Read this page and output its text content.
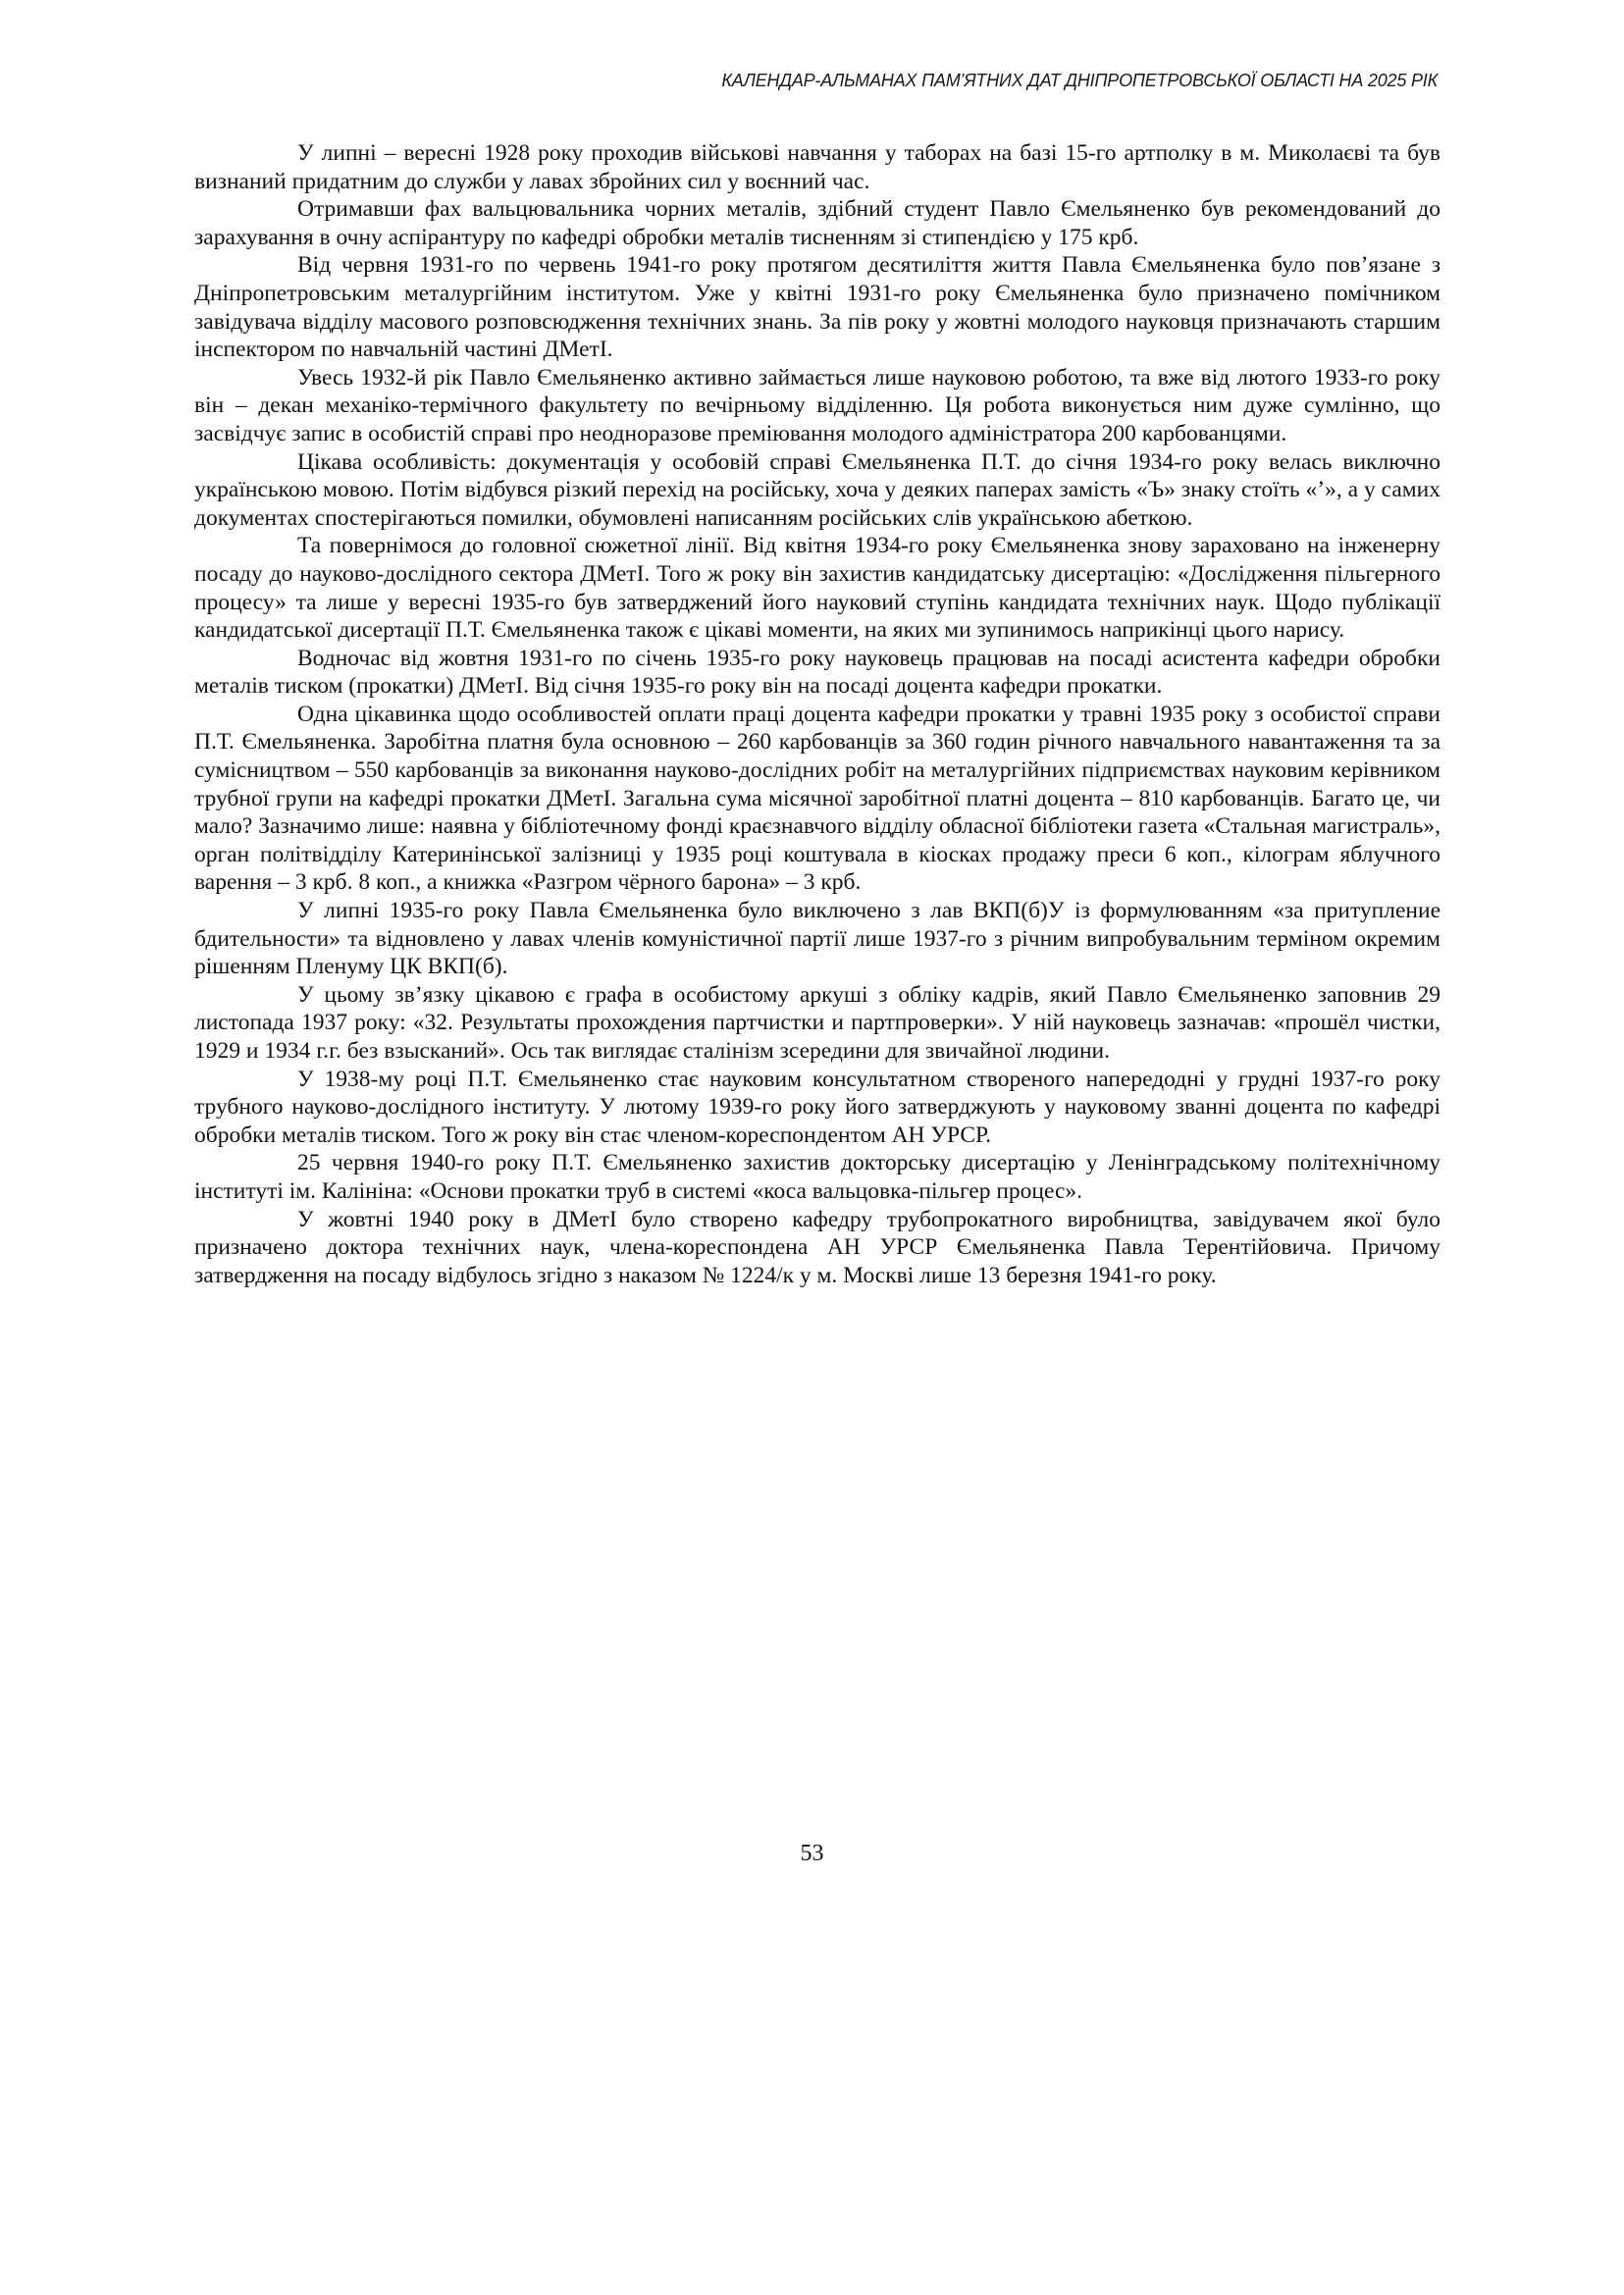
КАЛЕНДАР-АЛЬМАНАХ ПАМ’ЯТНИХ ДАТ ДНІПРОПЕТРОВСЬКОЇ ОБЛАСТІ НА 2025 РІК

У липні – вересні 1928 року проходив військові навчання у таборах на базі 15-го артполку в м. Миколаєві та був визнаний придатним до служби у лавах збройних сил у воєнний час.

Отримавши фах вальцювальника чорних металів, здібний студент Павло Ємельяненко був рекомендований до зарахування в очну аспірантуру по кафедрі обробки металів тисненням зі стипендією у 175 крб.

Від червня 1931-го по червень 1941-го року протягом десятиліття життя Павла Ємельяненка було пов’язане з Дніпропетровським металургійним інститутом. Уже у квітні 1931-го року Ємельяненка було призначено помічником завідувача відділу масового розповсюдження технічних знань. За пів року у жовтні молодого науковця призначають старшим інспектором по навчальній частині ДМетІ.

Увесь 1932-й рік Павло Ємельяненко активно займається лише науковою роботою, та вже від лютого 1933-го року він – декан механіко-термічного факультету по вечірньому відділенню. Ця робота виконується ним дуже сумлінно, що засвідчує запис в особистій справі про неодноразове преміювання молодого адміністратора 200 карбованцями.

Цікава особливість: документація у особовій справі Ємельяненка П.Т. до січня 1934-го року велась виключно українською мовою. Потім відбувся різкий перехід на російську, хоча у деяких паперах замість «Ъ» знаку стоїть «’», а у самих документах спостерігаються помилки, обумовлені написанням російських слів українською абеткою.

Та повернімося до головної сюжетної лінії. Від квітня 1934-го року Ємельяненка знову зараховано на інженерну посаду до науково-дослідного сектора ДМетІ. Того ж року він захистив кандидатську дисертацію: «Дослідження пільгерного процесу» та лише у вересні 1935-го був затверджений його науковий ступінь кандидата технічних наук. Щодо публікації кандидатської дисертації П.Т. Ємельяненка також є цікаві моменти, на яких ми зупинимось наприкінці цього нарису.

Водночас від жовтня 1931-го по січень 1935-го року науковець працював на посаді асистента кафедри обробки металів тиском (прокатки) ДМетІ. Від січня 1935-го року він на посаді доцента кафедри прокатки.

Одна цікавинка щодо особливостей оплати праці доцента кафедри прокатки у травні 1935 року з особистої справи П.Т. Ємельяненка. Заробітна платня була основною – 260 карбованців за 360 годин річного навчального навантаження та за сумісництвом – 550 карбованців за виконання науково-дослідних робіт на металургійних підприємствах науковим керівником трубної групи на кафедрі прокатки ДМетІ. Загальна сума місячної заробітної платні доцента – 810 карбованців. Багато це, чи мало? Зазначимо лише: наявна у бібліотечному фонді краєзнавчого відділу обласної бібліотеки газета «Стальная магистраль», орган політвідділу Катеринінської залізниці у 1935 році коштувала в кіосках продажу преси 6 коп., кілограм яблучного варення – 3 крб. 8 коп., а книжка «Разгром чёрного барона» – 3 крб.

У липні 1935-го року Павла Ємельяненка було виключено з лав ВКП(б)У із формулюванням «за притупление бдительности» та відновлено у лавах членів комуністичної партії лише 1937-го з річним випробувальним терміном окремим рішенням Пленуму ЦК ВКП(б).

У цьому зв’язку цікавою є графа в особистому аркуші з обліку кадрів, який Павло Ємельяненко заповнив 29 листопада 1937 року: «32. Результаты прохождения партчистки и партпроверки». У ній науковець зазначав: «прошёл чистки, 1929 и 1934 г.г. без взысканий». Ось так виглядає сталінізм зсередини для звичайної людини.

У 1938-му році П.Т. Ємельяненко стає науковим консультатном створеного напередодні у грудні 1937-го року трубного науково-дослідного інституту. У лютому 1939-го року його затверджують у науковому званні доцента по кафедрі обробки металів тиском. Того ж року він стає членом-кореспондентом АН УРСР.

25 червня 1940-го року П.Т. Ємельяненко захистив докторську дисертацію у Ленінградському політехнічному інституті ім. Калініна: «Основи прокатки труб в системі «коса вальцовка-пільгер процес».

У жовтні 1940 року в ДМетІ було створено кафедру трубопрокатного виробництва, завідувачем якої було призначено доктора технічних наук, члена-кореспондена АН УРСР Ємельяненка Павла Терентійовича. Причому затвердження на посаду відбулось згідно з наказом № 1224/к у м. Москві лише 13 березня 1941-го року.

53
